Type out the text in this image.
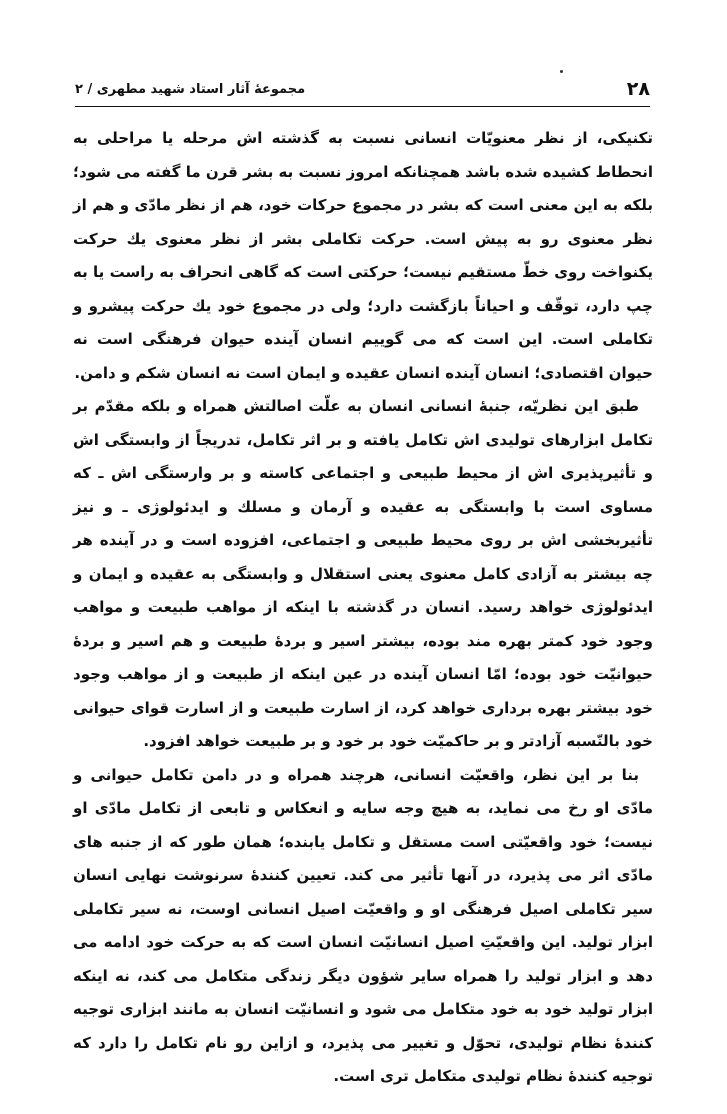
۲۸
مجموعهٔ آثار استاد شهید مطهری / ۲

تکنیکی، از نظر معنویّات انسانی نسبت به گذشته اش مرحله یا مراحلی به انحطاط کشیده شده باشد همچنانکه امروز نسبت به بشر قرن ما گفته می شود؛ بلکه به این معنی است که بشر در مجموع حرکات خود، هم از نظر مادّی و هم از نظر معنوی رو به پیش است. حرکت تکاملی بشر از نظر معنوی یك حرکت یکنواخت روی خطّ مستقیم نیست؛ حرکتی است که گاهی انحراف به راست یا به چپ دارد، توقّف و احیاناً بازگشت دارد؛ ولی در مجموع خود یك حرکت پیشرو و تکاملی است. این است که می گوییم انسان آینده حیوان فرهنگی است نه حیوان اقتصادی؛ انسان آینده انسان عقیده و ایمان است نه انسان شکم و دامن.

طبق این نظریّه، جنبهٔ انسانی انسان به علّت اصالتش همراه و بلکه مقدّم بر تکامل ابزارهای تولیدی اش تکامل یافته و بر اثر تکامل، تدریجاً از وابستگی اش و تأثیرپذیری اش از محیط طبیعی و اجتماعی کاسته و بر وارستگی اش ـ که مساوی است با وابستگی به عقیده و آرمان و مسلك و ایدئولوژی ـ و نیز تأثیربخشی اش بر روی محیط طبیعی و اجتماعی، افزوده است و در آینده هر چه بیشتر به آزادی کامل معنوی یعنی استقلال و وابستگی به عقیده و ایمان و ایدئولوژی خواهد رسید. انسان در گذشته با اینکه از مواهب طبیعت و مواهب وجود خود کمتر بهره مند بوده، بیشتر اسیر و بردهٔ طبیعت و هم اسیر و بردهٔ حیوانیّت خود بوده؛ امّا انسان آینده در عین اینکه از طبیعت و از مواهب وجود خود بیشتر بهره برداری خواهد کرد، از اسارت طبیعت و از اسارت قوای حیوانی خود بالنّسبه آزادتر و بر حاکمیّت خود بر خود و بر طبیعت خواهد افزود.

بنا بر این نظر، واقعیّت انسانی، هرچند همراه و در دامن تکامل حیوانی و مادّی او رخ می نماید، به هیچ وجه سایه و انعکاس و تابعی از تکامل مادّی او نیست؛ خود واقعیّتی است مستقل و تکامل یابنده؛ همان طور که از جنبه های مادّی اثر می پذیرد، در آنها تأثیر می کند. تعیین کنندهٔ سرنوشت نهایی انسان سیر تکاملی اصیل فرهنگی او و واقعیّت اصیل انسانی اوست، نه سیر تکاملی ابزار تولید. این واقعیّتِ اصیل انسانیّت انسان است که به حرکت خود ادامه می دهد و ابزار تولید را همراه سایر شؤون دیگر زندگی متکامل می کند، نه اینکه ابزار تولید خود به خود متکامل می شود و انسانیّت انسان به مانند ابزاری توجیه کنندهٔ نظام تولیدی، تحوّل و تغییر می پذیرد، و ازاین رو نام تکامل را دارد که توجیه کنندهٔ نظام تولیدی متکامل تری است.
